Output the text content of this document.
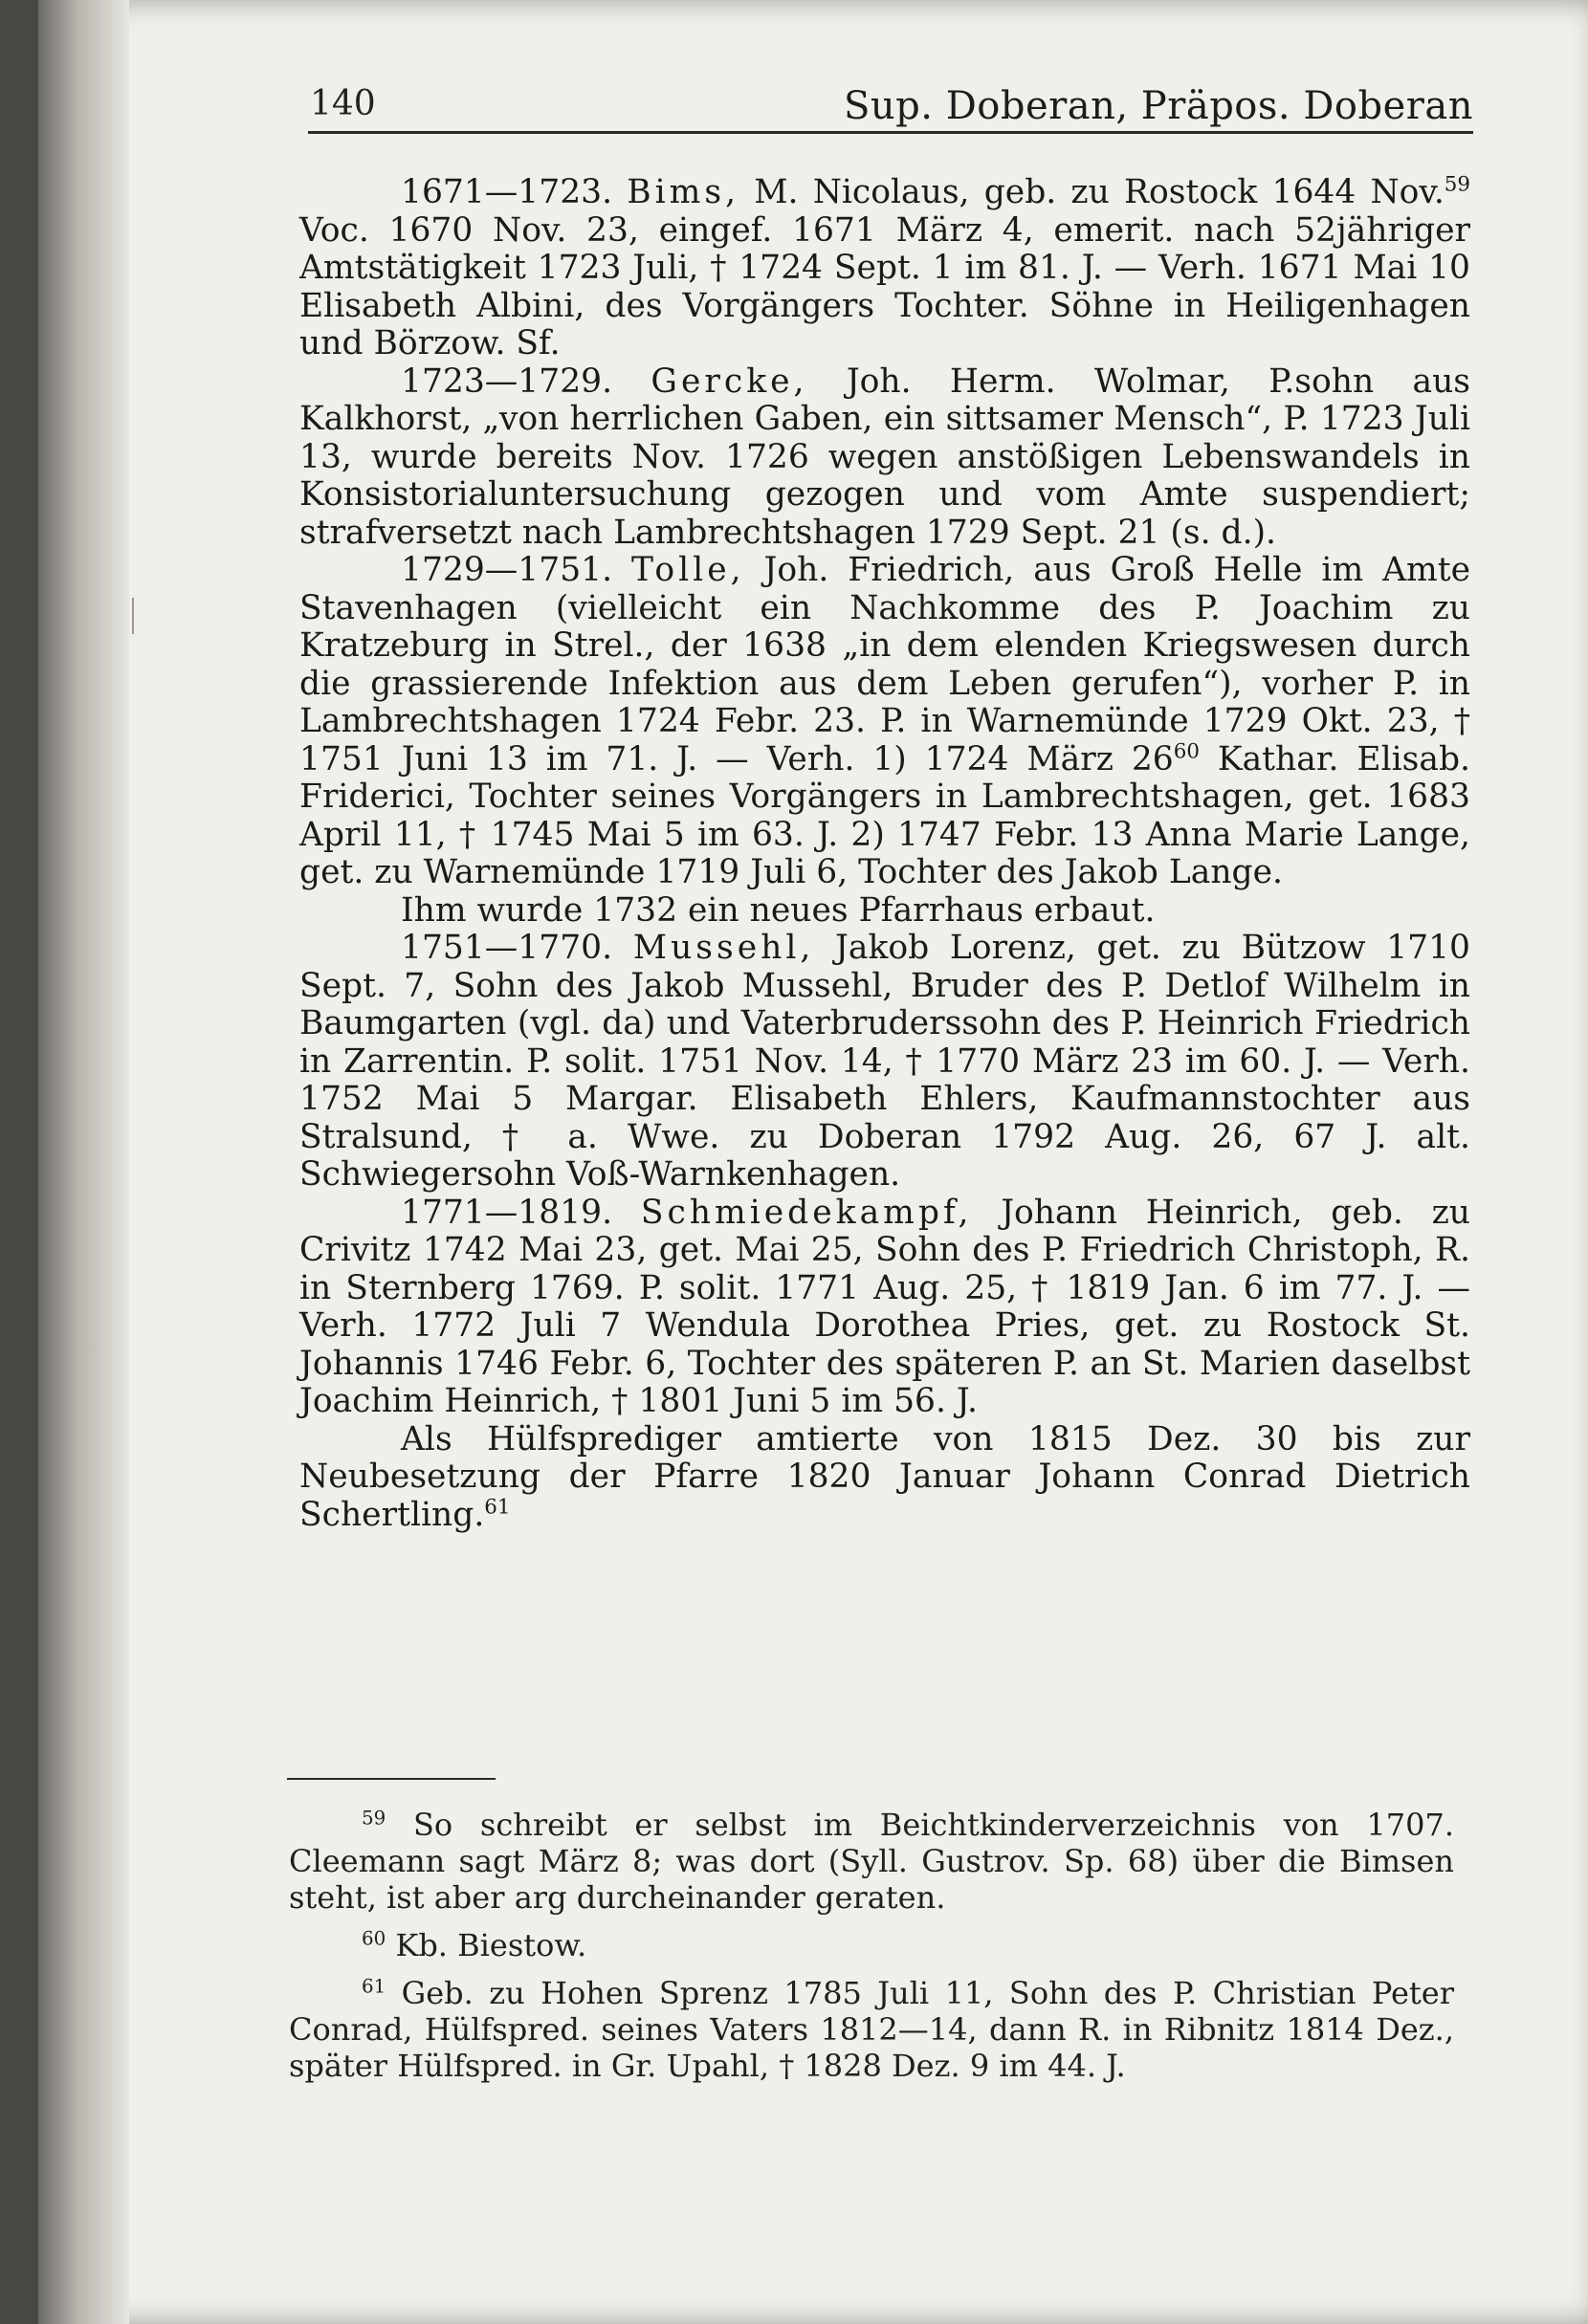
140	Sup. Doberan, Präpos. Doberan

1671—1723. Bims, M. Nicolaus, geb. zu Rostock 1644 Nov.$^{59}$ Voc. 1670 Nov. 23, eingef. 1671 März 4, emerit. nach 52jähriger Amtstätigkeit 1723 Juli, † 1724 Sept. 1 im 81. J. — Verh. 1671 Mai 10 Elisabeth Albini, des Vorgängers Tochter. Söhne in Heiligenhagen und Börzow. Sf.

1723—1729. Gercke, Joh. Herm. Wolmar, P.sohn aus Kalkhorst, „von herrlichen Gaben, ein sittsamer Mensch“, P. 1723 Juli 13, wurde bereits Nov. 1726 wegen anstößigen Lebenswandels in Konsistorialuntersuchung gezogen und vom Amte suspendiert; strafversetzt nach Lambrechtshagen 1729 Sept. 21 (s. d.).

1729—1751. Tolle, Joh. Friedrich, aus Groß Helle im Amte Stavenhagen (vielleicht ein Nachkomme des P. Joachim zu Kratzeburg in Strel., der 1638 „in dem elenden Kriegswesen durch die grassierende Infektion aus dem Leben gerufen“), vorher P. in Lambrechtshagen 1724 Febr. 23. P. in Warnemünde 1729 Okt. 23, † 1751 Juni 13 im 71. J. — Verh. 1) 1724 März $26^{60}$ Kathar. Elisab. Friderici, Tochter seines Vorgängers in Lambrechtshagen, get. 1683 April 11, † 1745 Mai 5 im 63. J. 2) 1747 Febr. 13 Anna Marie Lange, get. zu Warnemünde 1719 Juli 6, Tochter des Jakob Lange.

Ihm wurde 1732 ein neues Pfarrhaus erbaut.

1751—1770. Mussehl, Jakob Lorenz, get. zu Bützow 1710 Sept. 7, Sohn des Jakob Mussehl, Bruder des P. Detlof Wilhelm in Baumgarten (vgl. da) und Vaterbruderssohn des P. Heinrich Friedrich in Zarrentin. P. solit. 1751 Nov. 14, † 1770 März 23 im 60. J. — Verh. 1752 Mai 5 Margar. Elisabeth Ehlers, Kaufmannstochter aus Stralsund, † a. Wwe. zu Doberan 1792 Aug. 26, 67 J. alt. Schwiegersohn Voß-Warnkenhagen.

1771—1819. Schmiedekampf, Johann Heinrich, geb. zu Crivitz 1742 Mai 23, get. Mai 25, Sohn des P. Friedrich Christoph, R. in Sternberg 1769. P. solit. 1771 Aug. 25, † 1819 Jan. 6 im 77. J. — Verh. 1772 Juli 7 Wendula Dorothea Pries, get. zu Rostock St. Johannis 1746 Febr. 6, Tochter des späteren P. an St. Marien daselbst Joachim Heinrich, † 1801 Juni 5 im 56. J.

Als Hülfsprediger amtierte von 1815 Dez. 30 bis zur Neubesetzung der Pfarre 1820 Januar Johann Conrad Dietrich Schertling.$^{61}$

$^{59}$ So schreibt er selbst im Beichtkinderverzeichnis von 1707. Cleemann sagt März 8; was dort (Syll. Gustrov. Sp. 68) über die Bimsen steht, ist aber arg durcheinander geraten.

$^{60}$ Kb. Biestow.

$^{61}$ Geb. zu Hohen Sprenz 1785 Juli 11, Sohn des P. Christian Peter Conrad, Hülfspred. seines Vaters 1812—14, dann R. in Ribnitz 1814 Dez., später Hülfspred. in Gr. Upahl, † 1828 Dez. 9 im 44. J.
